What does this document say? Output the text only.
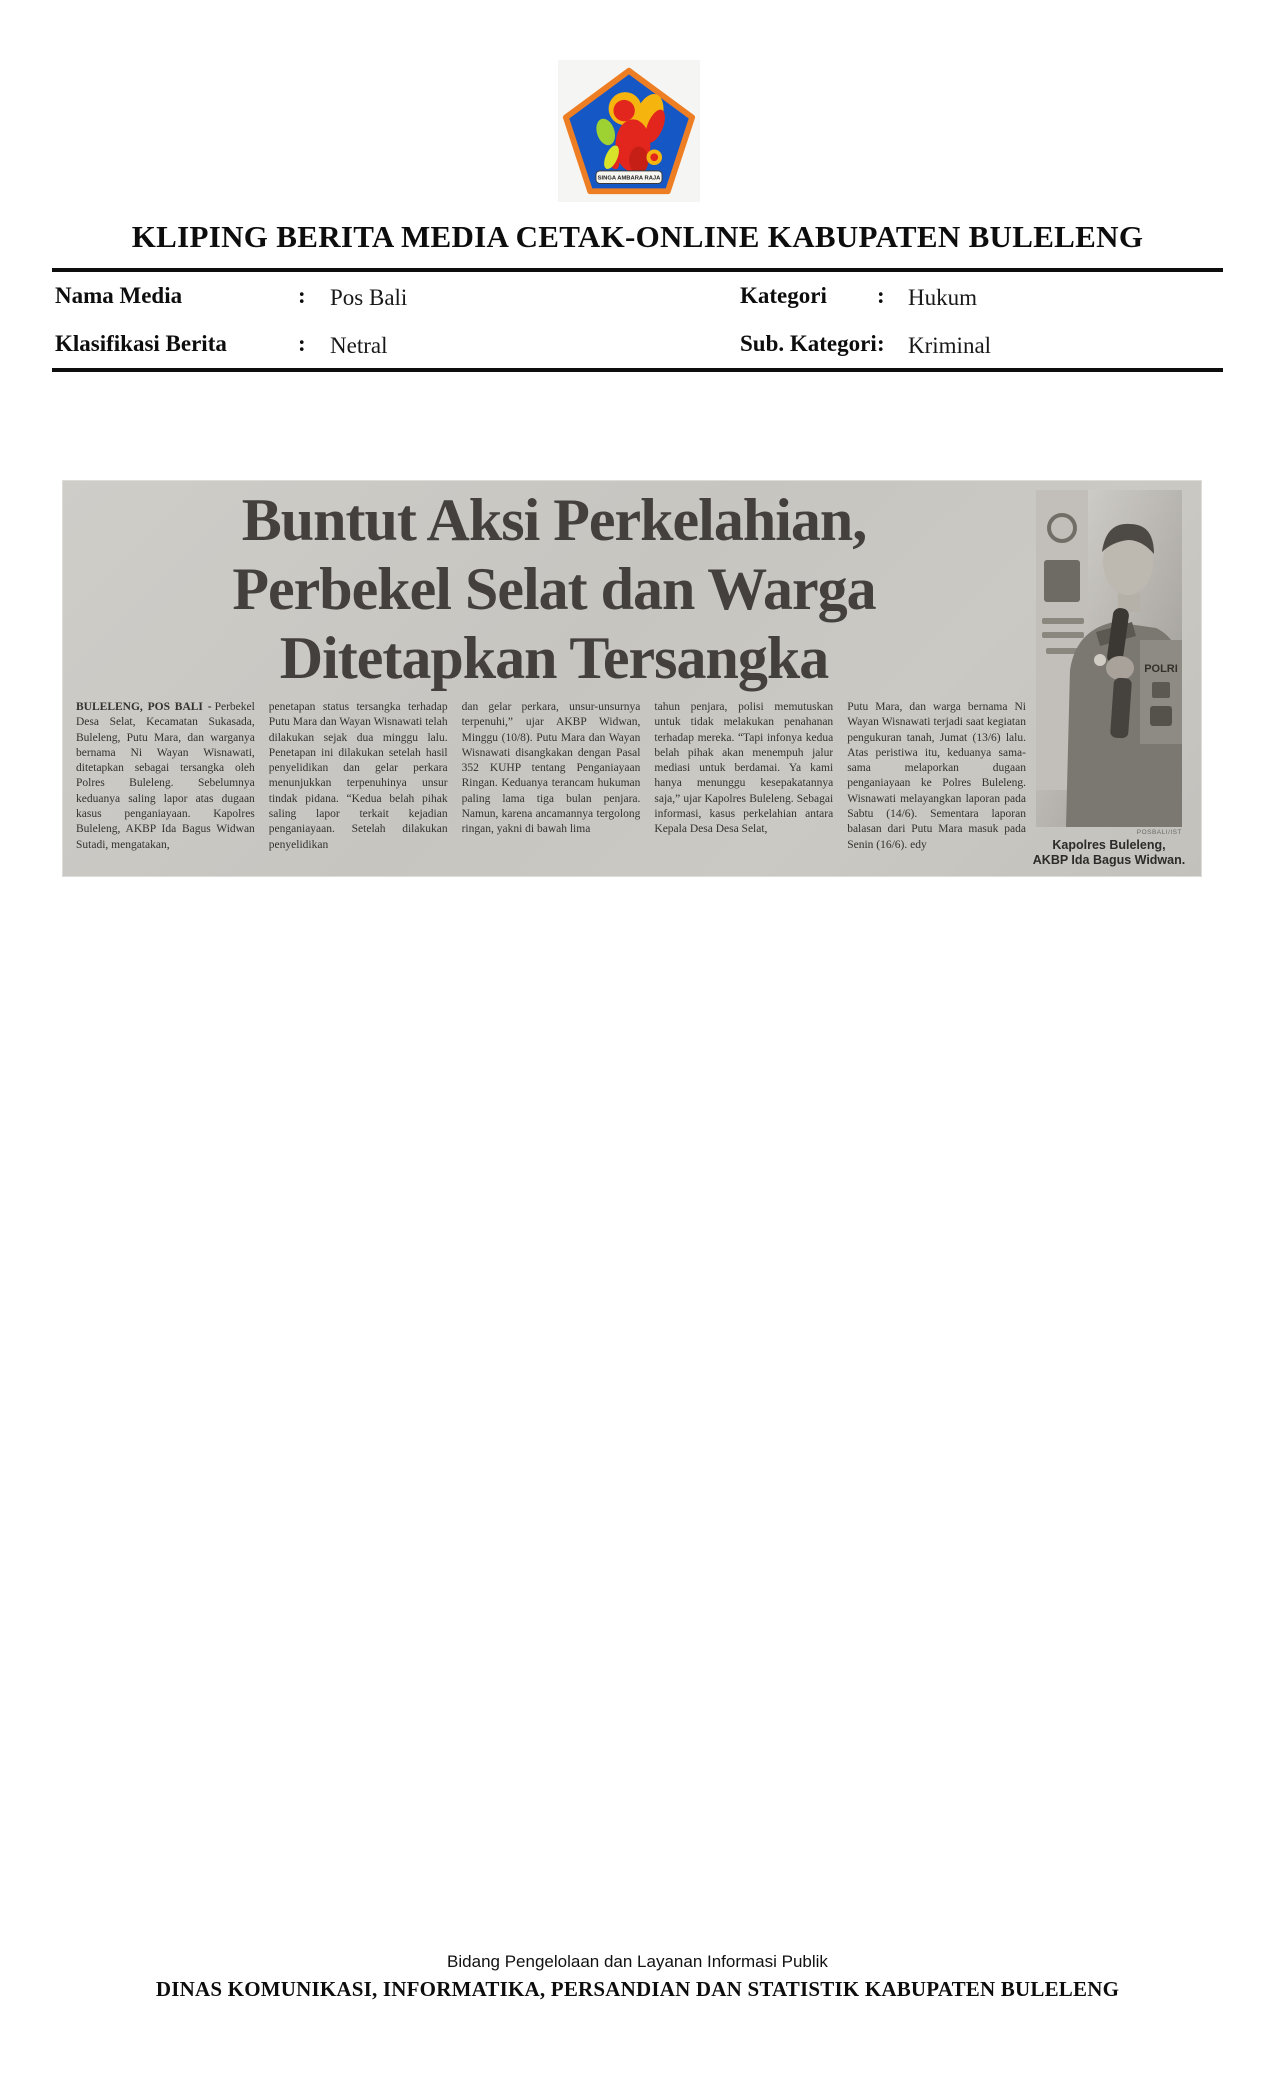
SINGA AMBARA RAJA
KLIPING BERITA MEDIA CETAK-ONLINE KABUPATEN BULELENG
Nama Media	: Pos Bali
Klasifikasi Berita	: Netral
Kategori : Hukum
Sub. Kategori : Kriminal
Buntut Aksi Perkelahian,
Perbekel Selat dan Warga
Ditetapkan Tersangka
BULELENG, POS BALI - Perbekel Desa Selat, Kecamatan Sukasada, Buleleng, Putu Mara, dan warganya bernama Ni Wayan Wisnawati, ditetapkan sebagai tersangka oleh Polres Buleleng. Sebelumnya keduanya saling lapor atas dugaan kasus penganiayaan. Kapolres Buleleng, AKBP Ida Bagus Widwan Sutadi, mengatakan,
penetapan status tersangka terhadap Putu Mara dan Wayan Wisnawati telah dilakukan sejak dua minggu lalu. Penetapan ini dilakukan setelah hasil penyelidikan dan gelar perkara menunjukkan terpenuhinya unsur tindak pidana. “Kedua belah pihak saling lapor terkait kejadian penganiayaan. Setelah dilakukan penyelidikan
dan gelar perkara, unsur-unsurnya terpenuhi,” ujar AKBP Widwan, Minggu (10/8). Putu Mara dan Wayan Wisnawati disangkakan dengan Pasal 352 KUHP tentang Penganiayaan Ringan. Keduanya terancam hukuman paling lama tiga bulan penjara. Namun, karena ancamannya tergolong ringan, yakni di bawah lima
tahun penjara, polisi memutuskan untuk tidak melakukan penahanan terhadap mereka. “Tapi infonya kedua belah pihak akan menempuh jalur mediasi untuk berdamai. Ya kami hanya menunggu kesepakatannya saja,” ujar Kapolres Buleleng. Sebagai informasi, kasus perkelahian antara Kepala Desa Desa Selat,
Putu Mara, dan warga bernama Ni Wayan Wisnawati terjadi saat kegiatan pengukuran tanah, Jumat (13/6) lalu. Atas peristiwa itu, keduanya sama-sama melaporkan dugaan penganiayaan ke Polres Buleleng. Wisnawati melayangkan laporan pada Sabtu (14/6). Sementara laporan balasan dari Putu Mara masuk pada Senin (16/6). edy
POLRI
POSBALI/IST
Kapolres Buleleng,
AKBP Ida Bagus Widwan.
Bidang Pengelolaan dan Layanan Informasi Publik
DINAS KOMUNIKASI, INFORMATIKA, PERSANDIAN DAN STATISTIK KABUPATEN BULELENG
